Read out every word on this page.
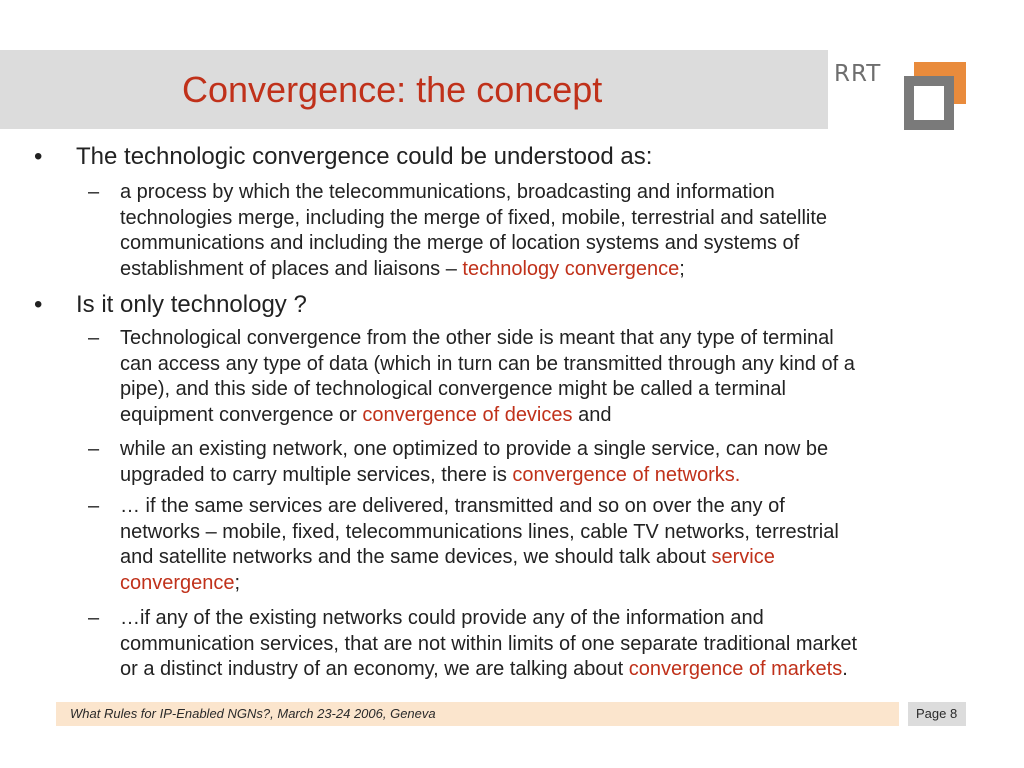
Convergence: the concept	RRT
• The technologic convergence could be understood as:
– a process by which the telecommunications, broadcasting and information
technologies merge, including the merge of fixed, mobile, terrestrial and satellite
communications and including the merge of location systems and systems of
establishment of places and liaisons – technology convergence;
• Is it only technology ?
– Technological convergence from the other side is meant that any type of terminal
can access any type of data (which in turn can be transmitted through any kind of a
pipe), and this side of technological convergence might be called a terminal
equipment convergence or convergence of devices and
– while an existing network, one optimized to provide a single service, can now be
upgraded to carry multiple services, there is convergence of networks.
– … if the same services are delivered, transmitted and so on over the any of
networks – mobile, fixed, telecommunications lines, cable TV networks, terrestrial
and satellite networks and the same devices, we should talk about service
convergence;
– …if any of the existing networks could provide any of the information and
communication services, that are not within limits of one separate traditional market
or a distinct industry of an economy, we are talking about convergence of markets.
What Rules for IP-Enabled NGNs?, March 23-24 2006, Geneva	Page 8
